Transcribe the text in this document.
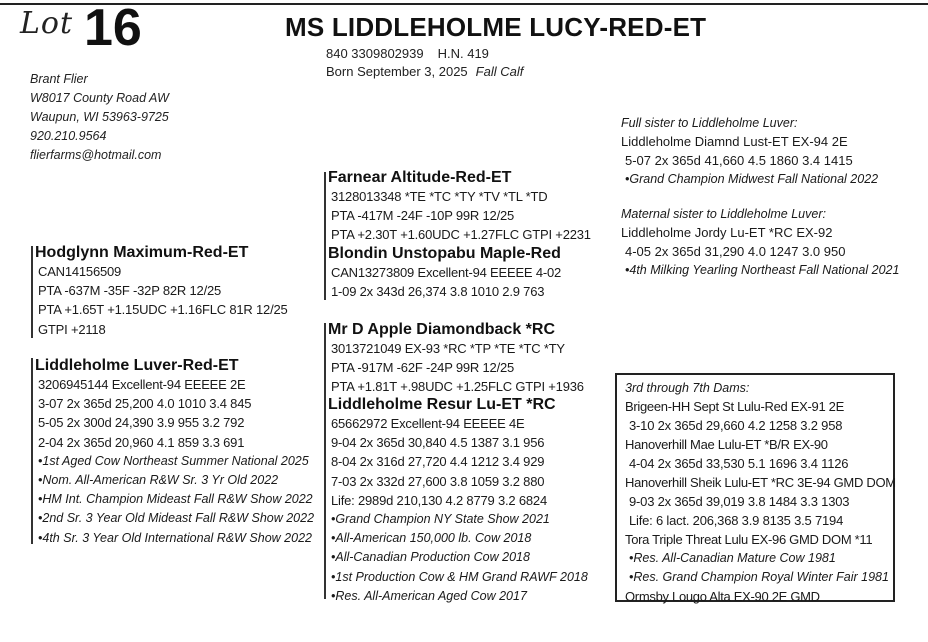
Lot 16	MS LIDDLEHOLME LUCY-RED-ET
840 3309802939 H.N. 419
Born September 3, 2025 Fall Calf
Brant Flier
W8017 County Road AW
Waupun, WI 53963-9725
920.210.9564
flierfarms@hotmail.com
Hodglynn Maximum-Red-ET
CAN14156509
PTA -637M -35F -32P 82R 12/25
PTA +1.65T +1.15UDC +1.16FLC 81R 12/25
GTPI +2118
Farnear Altitude-Red-ET
3128013348 *TE *TC *TY *TV *TL *TD
PTA -417M -24F -10P 99R 12/25
PTA +2.30T +1.60UDC +1.27FLC GTPI +2231
Blondin Unstopabu Maple-Red
CAN13273809 Excellent-94 EEEEE 4-02
1-09 2x 343d 26,374 3.8 1010 2.9 763
Liddleholme Luver-Red-ET
3206945144 Excellent-94 EEEEE 2E
3-07 2x 365d 25,200 4.0 1010 3.4 845
5-05 2x 300d 24,390 3.9 955 3.2 792
2-04 2x 365d 20,960 4.1 859 3.3 691
•1st Aged Cow Northeast Summer National 2025
•Nom. All-American R&W Sr. 3 Yr Old 2022
•HM Int. Champion Mideast Fall R&W Show 2022
•2nd Sr. 3 Year Old Mideast Fall R&W Show 2022
•4th Sr. 3 Year Old International R&W Show 2022
Mr D Apple Diamondback *RC
3013721049 EX-93 *RC *TP *TE *TC *TY
PTA -917M -62F -24P 99R 12/25
PTA +1.81T +.98UDC +1.25FLC GTPI +1936
Liddleholme Resur Lu-ET *RC
65662972 Excellent-94 EEEEE 4E
9-04 2x 365d 30,840 4.5 1387 3.1 956
8-04 2x 316d 27,720 4.4 1212 3.4 929
7-03 2x 332d 27,600 3.8 1059 3.2 880
Life: 2989d 210,130 4.2 8779 3.2 6824
•Grand Champion NY State Show 2021
•All-American 150,000 lb. Cow 2018
•All-Canadian Production Cow 2018
•1st Production Cow & HM Grand RAWF 2018
•Res. All-American Aged Cow 2017
Full sister to Liddleholme Luver:
Liddleholme Diamnd Lust-ET EX-94 2E
5-07 2x 365d 41,660 4.5 1860 3.4 1415
•Grand Champion Midwest Fall National 2022
Maternal sister to Liddleholme Luver:
Liddleholme Jordy Lu-ET *RC EX-92
4-05 2x 365d 31,290 4.0 1247 3.0 950
•4th Milking Yearling Northeast Fall National 2021
3rd through 7th Dams:
Brigeen-HH Sept St Lulu-Red EX-91 2E
3-10 2x 365d 29,660 4.2 1258 3.2 958
Hanoverhill Mae Lulu-ET *B/R EX-90
4-04 2x 365d 33,530 5.1 1696 3.4 1126
Hanoverhill Sheik Lulu-ET *RC 3E-94 GMD DOM
9-03 2x 365d 39,019 3.8 1484 3.3 1303
Life: 6 lact. 206,368 3.9 8135 3.5 7194
Tora Triple Threat Lulu EX-96 GMD DOM *11
•Res. All-Canadian Mature Cow 1981
•Res. Grand Champion Royal Winter Fair 1981
Ormsby Lougo Alta EX-90 2E GMD
